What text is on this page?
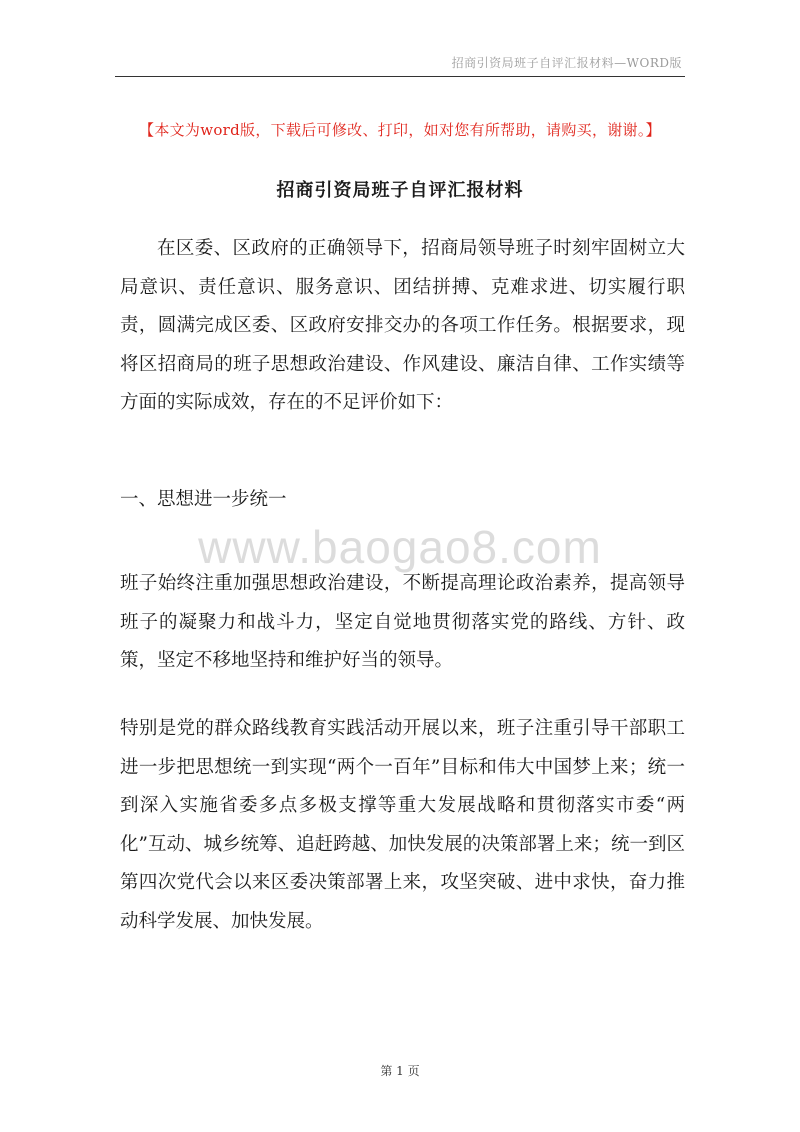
招商引资局班子自评汇报材料—WORD版
【本文为word版，下载后可修改、打印，如对您有所帮助，请购买，谢谢。】
招商引资局班子自评汇报材料

在区委、区政府的正确领导下，招商局领导班子时刻牢固树立大局意识、责任意识、服务意识、团结拼搏、克难求进、切实履行职责，圆满完成区委、区政府安排交办的各项工作任务。根据要求，现将区招商局的班子思想政治建设、作风建设、廉洁自律、工作实绩等方面的实际成效，存在的不足评价如下：

一、思想进一步统一

www.baogao8.com

班子始终注重加强思想政治建设，不断提高理论政治素养，提高领导班子的凝聚力和战斗力，坚定自觉地贯彻落实党的路线、方针、政策，坚定不移地坚持和维护好当的领导。

特别是党的群众路线教育实践活动开展以来，班子注重引导干部职工进一步把思想统一到实现“两个一百年”目标和伟大中国梦上来；统一到深入实施省委多点多极支撑等重大发展战略和贯彻落实市委“两化”互动、城乡统筹、追赶跨越、加快发展的决策部署上来；统一到区第四次党代会以来区委决策部署上来，攻坚突破、进中求快，奋力推动科学发展、加快发展。

第 1 页
